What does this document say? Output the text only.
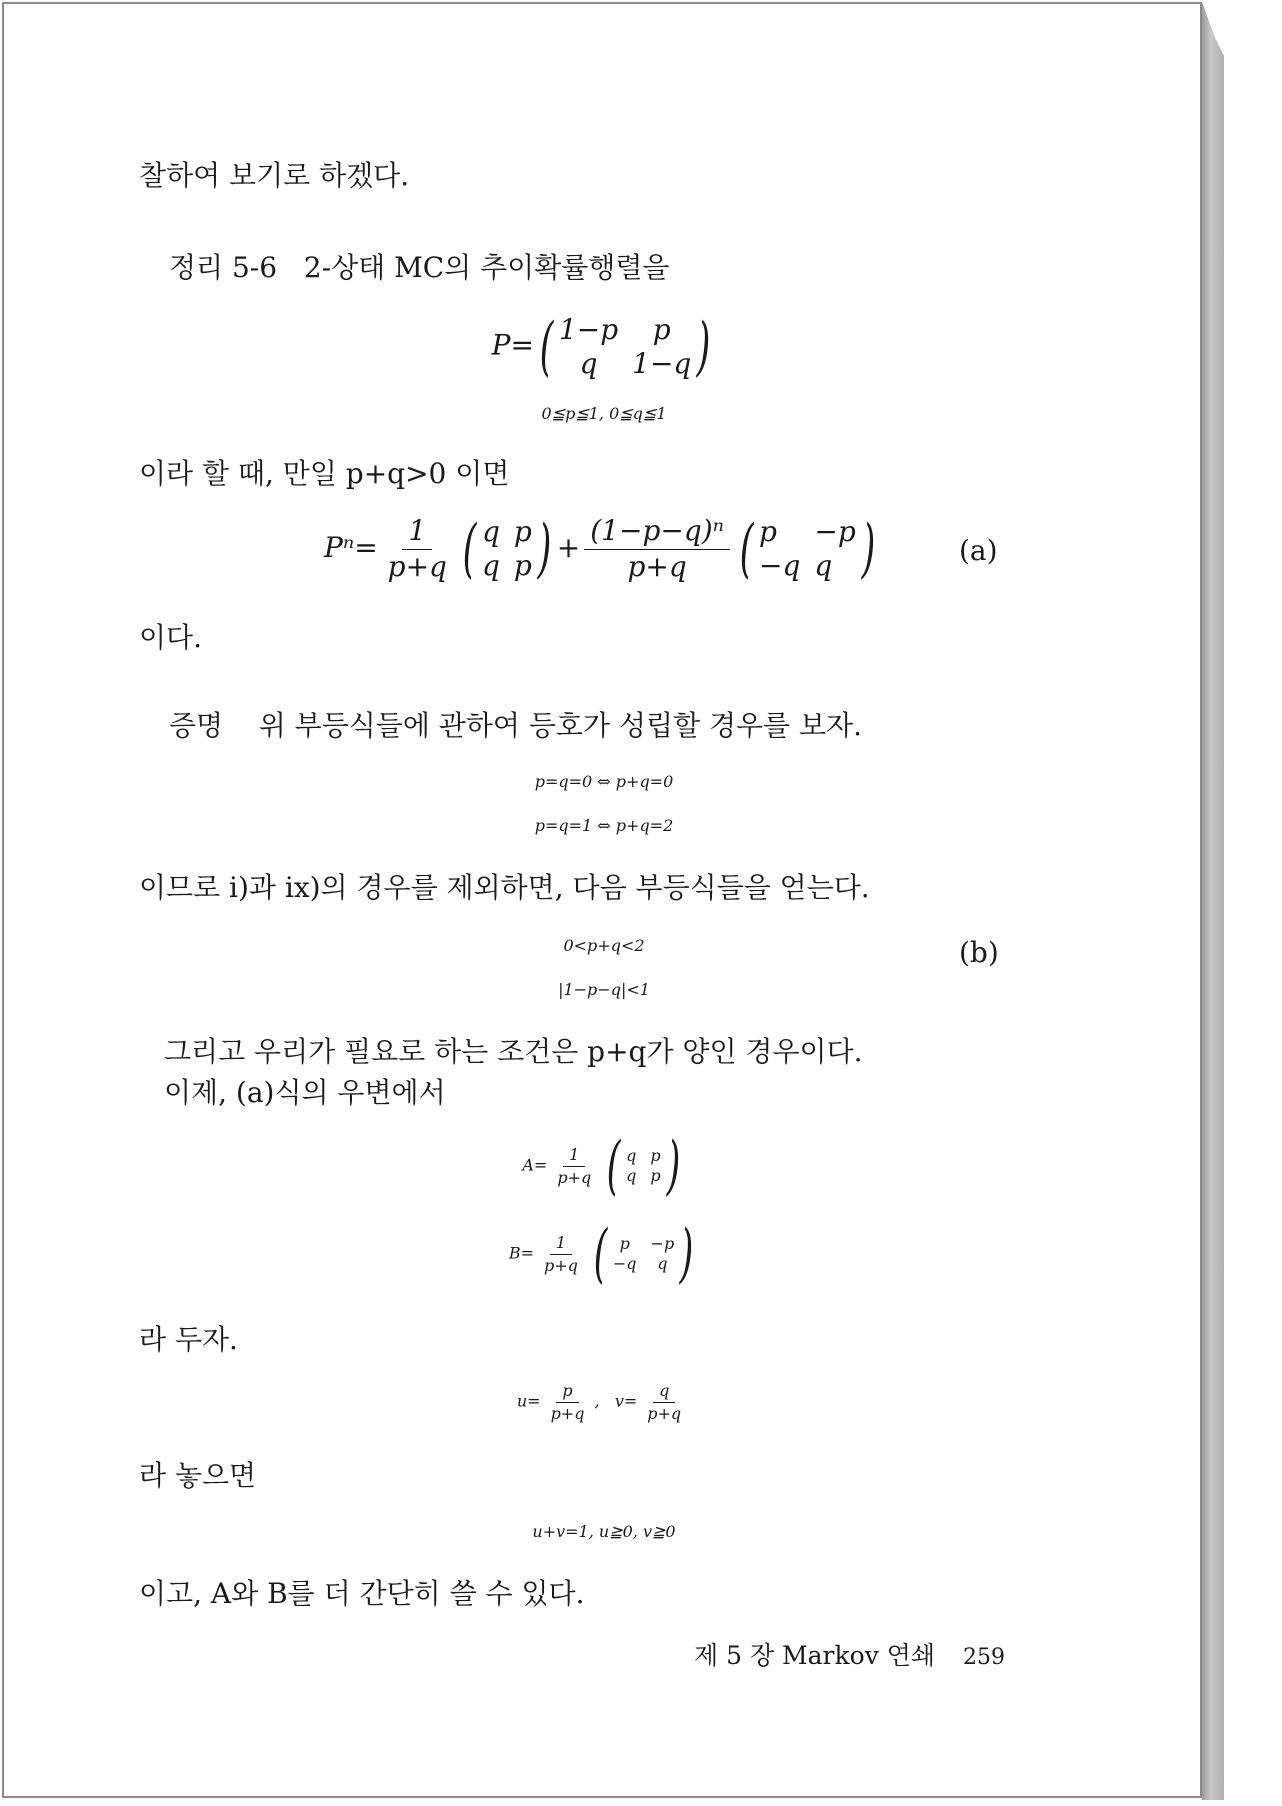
찰하여 보기로 하겠다.
정리 5-6 2-상태 MC의 추이확률행렬을
P= ( 1−p	p
q	1−q )
0≦p≦1, 0≦q≦1
이라 할 때, 만일 p+q>0 이면
$P^n= \frac{1}{p+q}$ ( q p
q p ) + $\frac{\text{(1−p−q)ⁿ}}{p+q}$ ( p	−p
−q q )	(a)
이다.
증명 위 부등식들에 관하여 등호가 성립할 경우를 보자.
p=q=0 ⇔ p+q=0
p=q=1 ⇔ p+q=2
이므로 i)과 ix)의 경우를 제외하면, 다음 부등식들을 얻는다.
0<p+q<2
|1−p−q|<1
(b)
그리고 우리가 필요로 하는 조건은 p+q가 양인 경우이다.
이제, (a)식의 우변에서
$A= \frac{1}{p+q}$ ( q p
q p )
$B= \frac{1}{p+q}$ ( p	−p
−q	q )
라 두자.
$u= \frac{p}{p+q}$ , $v= \frac{q}{p+q}$
라 놓으면
u+v=1, u≧0, v≧0
이고, A와 B를 더 간단히 쓸 수 있다.
제 5 장 Markov 연쇄 259
